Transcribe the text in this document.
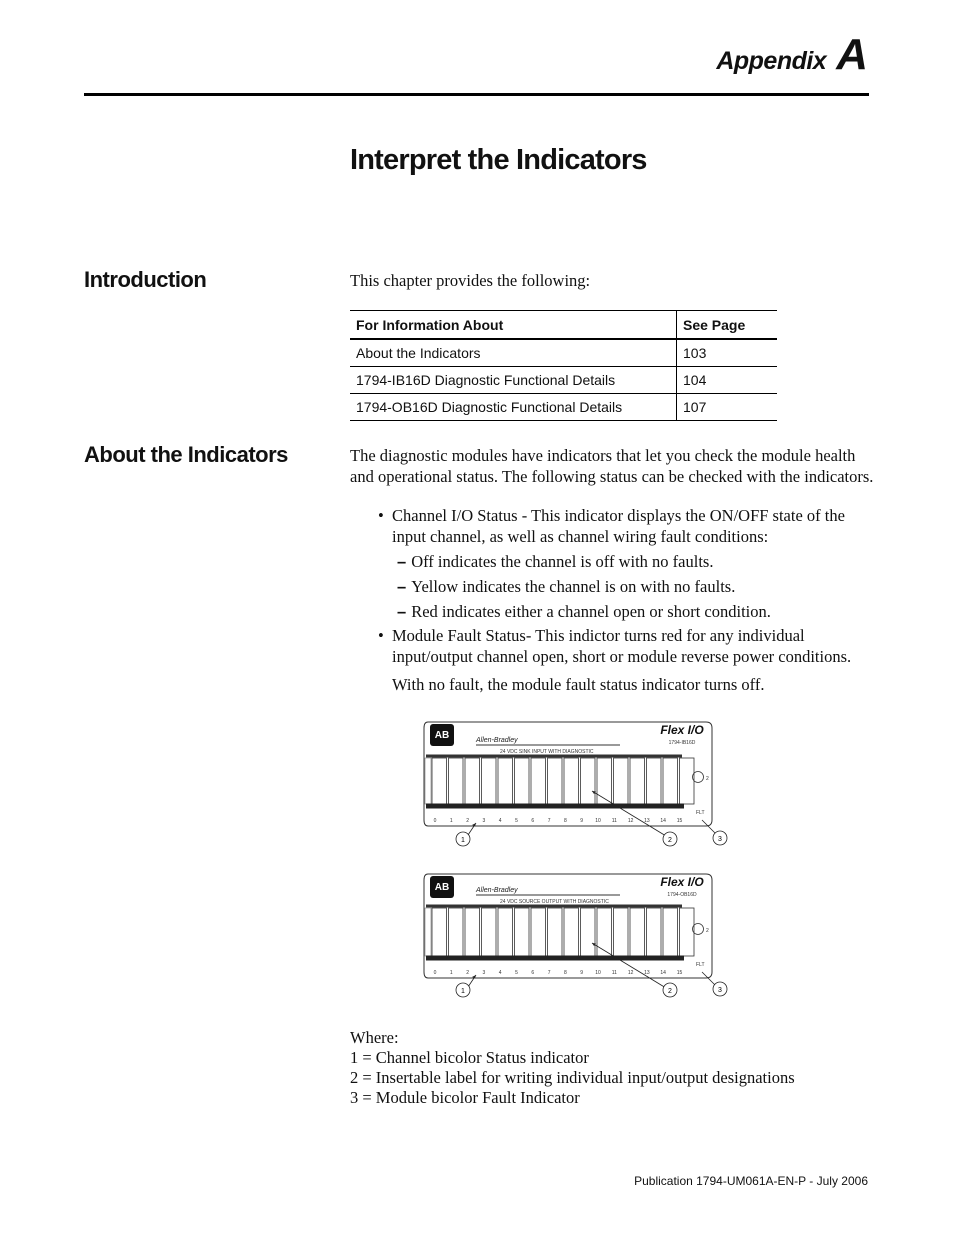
Appendix A
Interpret the Indicators
Introduction	This chapter provides the following:
For Information About	See Page
About the Indicators	103
1794-IB16D Diagnostic Functional Details	104
1794-OB16D Diagnostic Functional Details	107
About the Indicators	The diagnostic modules have indicators that let you check the module health
and operational status. The following status can be checked with the indicators.
• Channel I/O Status - This indicator displays the ON/OFF state of the
input channel, as well as channel wiring fault conditions:
– Off indicates the channel is off with no faults.
– Yellow indicates the channel is on with no faults.
– Red indicates either a channel open or short condition.
• Module Fault Status- This indictor turns red for any individual
input/output channel open, short or module reverse power conditions.
With no fault, the module fault status indicator turns off.
AB	Allen-Bradley
Flex I/O
1794-IB16D
24 VDC SINK INPUT WITH DIAGNOSTIC
2
FLT
0	1	2	3	4	5	6	7	8	9 10 11 12 13 14 15
1	2	3
AB	Allen-Bradley
Flex I/O
1794-OB16D
24 VDC SOURCE OUTPUT WITH DIAGNOSTIC
2
FLT
0	1	2	3	4	5	6	7	8	9 10 11 12 13 14 15
1	2	3
Where:
1 = Channel bicolor Status indicator
2 = Insertable label for writing individual input/output designations
3 = Module bicolor Fault Indicator
Publication 1794-UM061A-EN-P - July 2006
